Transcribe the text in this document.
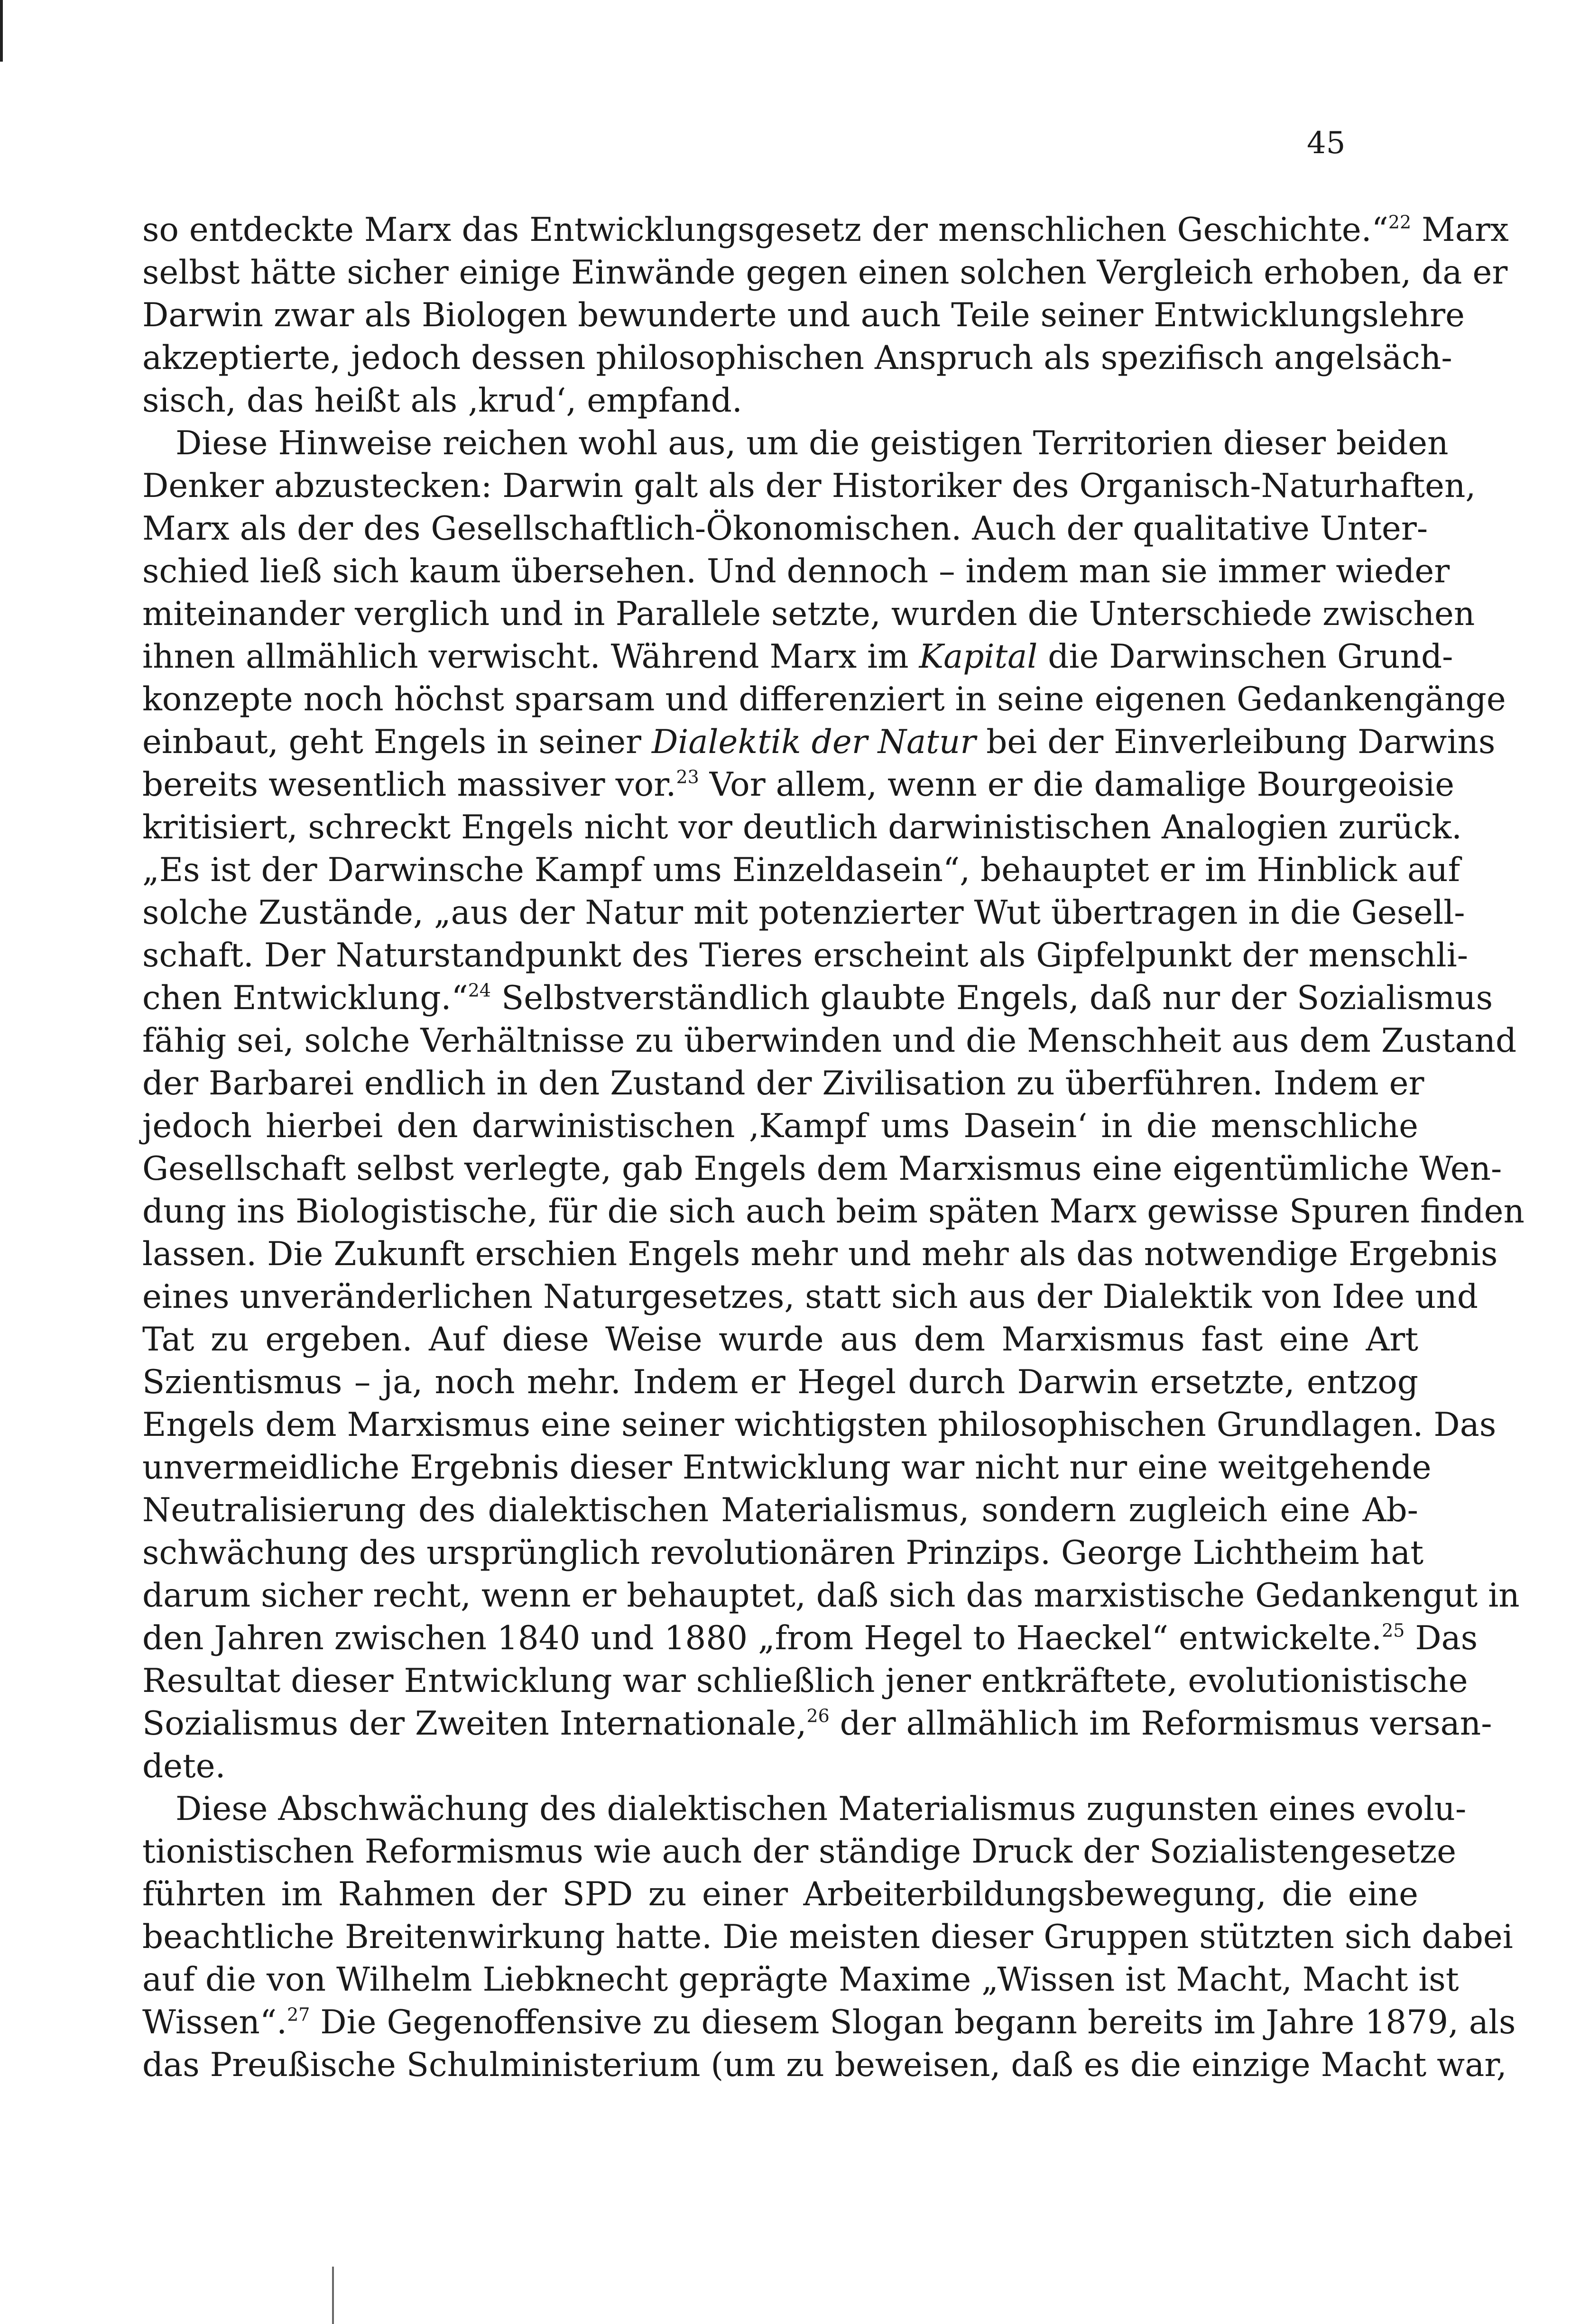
45
so entdeckte Marx das Entwicklungsgesetz der menschlichen Geschichte.“$^{22}$ Marx
selbst hätte sicher einige Einwände gegen einen solchen Vergleich erhoben, da er
Darwin zwar als Biologen bewunderte und auch Teile seiner Entwicklungslehre
akzeptierte, jedoch dessen philosophischen Anspruch als spezifisch angelsäch-
sisch, das heißt als ‚krud‘, empfand.
Diese Hinweise reichen wohl aus, um die geistigen Territorien dieser beiden
Denker abzustecken: Darwin galt als der Historiker des Organisch-Naturhaften,
Marx als der des Gesellschaftlich-Ökonomischen. Auch der qualitative Unter-
schied ließ sich kaum übersehen. Und dennoch – indem man sie immer wieder
miteinander verglich und in Parallele setzte, wurden die Unterschiede zwischen
ihnen allmählich verwischt. Während Marx im Kapital die Darwinschen Grund-
konzepte noch höchst sparsam und differenziert in seine eigenen Gedankengänge
einbaut, geht Engels in seiner Dialektik der Natur bei der Einverleibung Darwins
bereits wesentlich massiver vor.$^{23}$ Vor allem, wenn er die damalige Bourgeoisie
kritisiert, schreckt Engels nicht vor deutlich darwinistischen Analogien zurück.
„Es ist der Darwinsche Kampf ums Einzeldasein“, behauptet er im Hinblick auf
solche Zustände, „aus der Natur mit potenzierter Wut übertragen in die Gesell-
schaft. Der Naturstandpunkt des Tieres erscheint als Gipfelpunkt der menschli-
chen Entwicklung.“$^{24}$ Selbstverständlich glaubte Engels, daß nur der Sozialismus
fähig sei, solche Verhältnisse zu überwinden und die Menschheit aus dem Zustand
der Barbarei endlich in den Zustand der Zivilisation zu überführen. Indem er
jedoch hierbei den darwinistischen ‚Kampf ums Dasein‘ in die menschliche
Gesellschaft selbst verlegte, gab Engels dem Marxismus eine eigentümliche Wen-
dung ins Biologistische, für die sich auch beim späten Marx gewisse Spuren finden
lassen. Die Zukunft erschien Engels mehr und mehr als das notwendige Ergebnis
eines unveränderlichen Naturgesetzes, statt sich aus der Dialektik von Idee und
Tat zu ergeben. Auf diese Weise wurde aus dem Marxismus fast eine Art
Szientismus – ja, noch mehr. Indem er Hegel durch Darwin ersetzte, entzog
Engels dem Marxismus eine seiner wichtigsten philosophischen Grundlagen. Das
unvermeidliche Ergebnis dieser Entwicklung war nicht nur eine weitgehende
Neutralisierung des dialektischen Materialismus, sondern zugleich eine Ab-
schwächung des ursprünglich revolutionären Prinzips. George Lichtheim hat
darum sicher recht, wenn er behauptet, daß sich das marxistische Gedankengut in
den Jahren zwischen 1840 und 1880 „from Hegel to Haeckel“ entwickelte.$^{25}$ Das
Resultat dieser Entwicklung war schließlich jener entkräftete, evolutionistische
Sozialismus der Zweiten Internationale,$^{26}$ der allmählich im Reformismus versan-
dete.
Diese Abschwächung des dialektischen Materialismus zugunsten eines evolu-
tionistischen Reformismus wie auch der ständige Druck der Sozialistengesetze
führten im Rahmen der SPD zu einer Arbeiterbildungsbewegung, die eine
beachtliche Breitenwirkung hatte. Die meisten dieser Gruppen stützten sich dabei
auf die von Wilhelm Liebknecht geprägte Maxime „Wissen ist Macht, Macht ist
Wissen“.$^{27}$ Die Gegenoffensive zu diesem Slogan begann bereits im Jahre 1879, als
das Preußische Schulministerium (um zu beweisen, daß es die einzige Macht war,
